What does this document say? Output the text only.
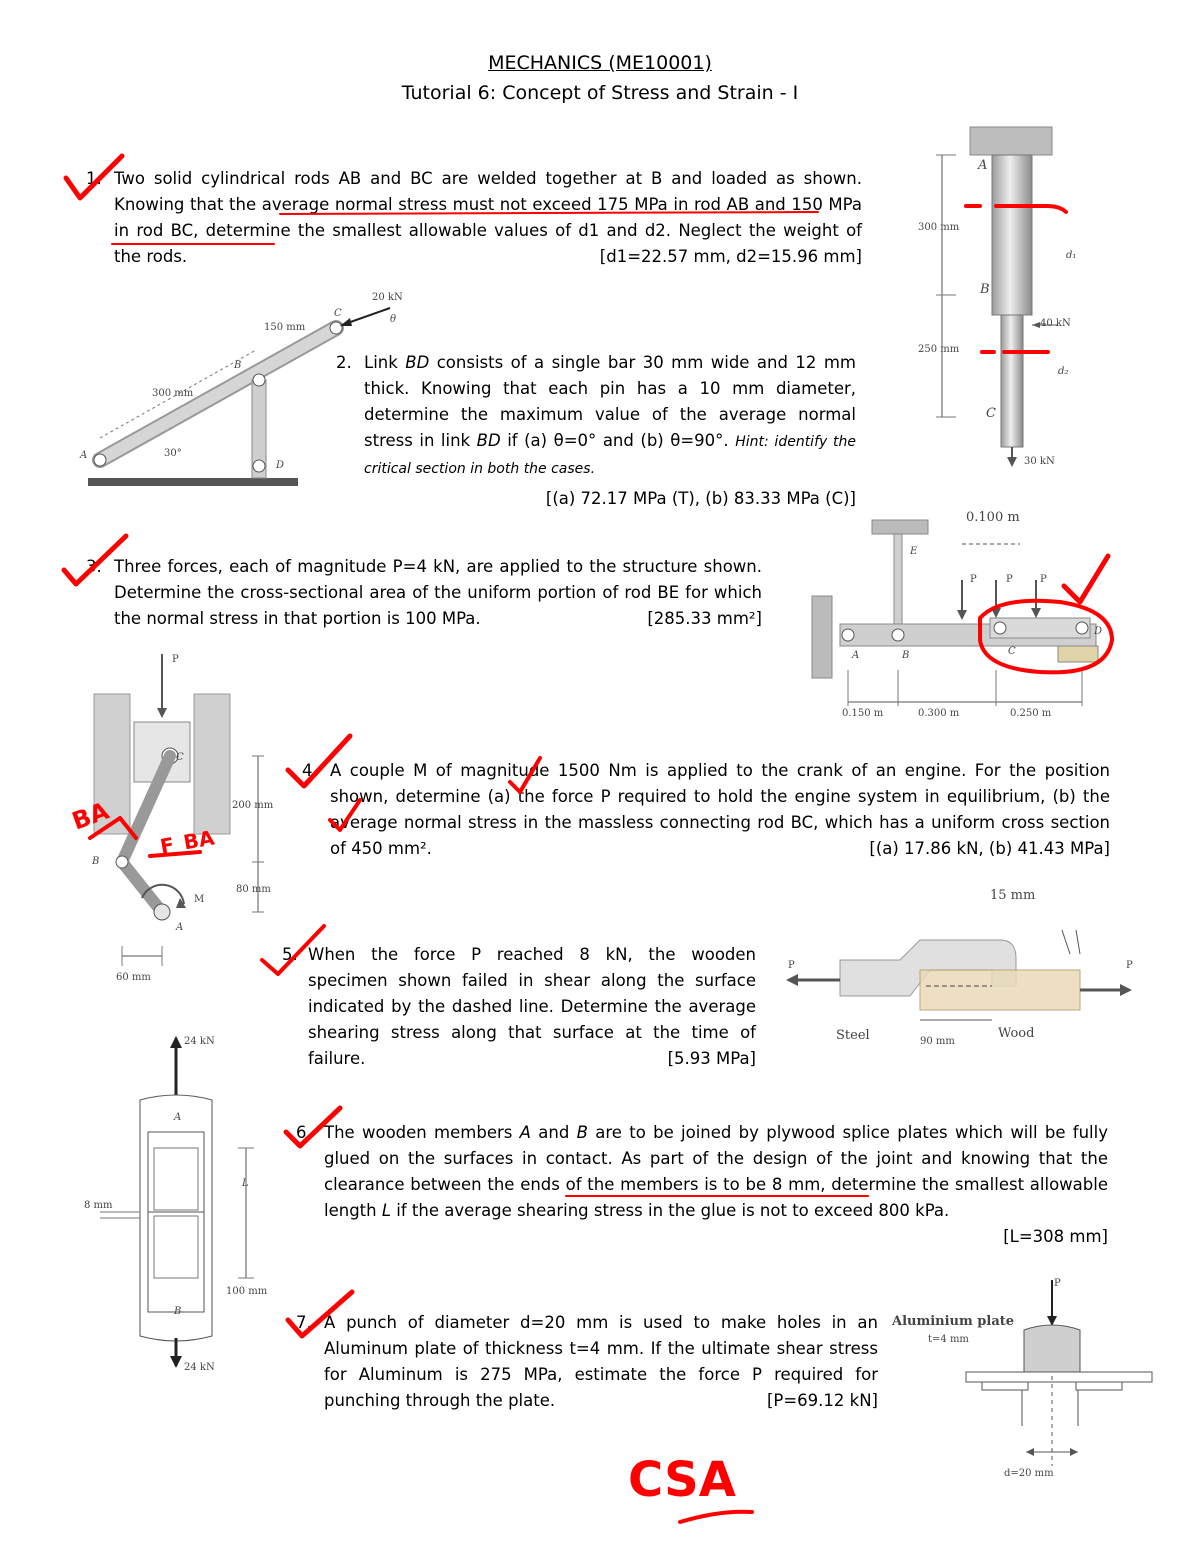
MECHANICS (ME10001)
Tutorial 6: Concept of Stress and Strain - I
1. Two solid cylindrical rods AB and BC are welded together at B and loaded as shown. Knowing that the average normal stress must not exceed 175 MPa in rod AB and 150 MPa in rod BC, determine the smallest allowable values of d1 and d2. Neglect the weight of the rods.	[d1=22.57 mm, d2=15.96 mm]
2. Link BD consists of a single bar 30 mm wide and 12 mm thick. Knowing that each pin has a 10 mm diameter, determine the maximum value of the average normal stress in link BD if (a) θ=0° and (b) θ=90°. Hint: identify the critical section in both the cases.

[(a) 72.17 MPa (T), (b) 83.33 MPa (C)]
3. Three forces, each of magnitude P=4 kN, are applied to the structure shown. Determine the cross-sectional area of the uniform portion of rod BE for which the normal stress in that portion is 100 MPa.	[285.33 mm²]
4. A couple M of magnitude 1500 Nm is applied to the crank of an engine. For the position shown, determine (a) the force P required to hold the engine system in equilibrium, (b) the average normal stress in the massless connecting rod BC, which has a uniform cross section of 450 mm².	[(a) 17.86 kN, (b) 41.43 MPa]
5. When the force P reached 8 kN, the wooden specimen shown failed in shear along the surface indicated by the dashed line. Determine the average shearing stress along that surface at the time of failure.	[5.93 MPa]
6. The wooden members A and B are to be joined by plywood splice plates which will be fully glued on the surfaces in contact. As part of the design of the joint and knowing that the clearance between the ends of the members is to be 8 mm, determine the smallest allowable length L if the average shearing stress in the glue is not to exceed 800 kPa.

[L=308 mm]
7. A punch of diameter d=20 mm is used to make holes in an Aluminum plate of thickness t=4 mm. If the ultimate shear stress for Aluminum is 275 MPa, estimate the force P required for punching through the plate.	[P=69.12 kN]
A
B
C
300 mm
250 mm
40 kN
30 kN
d₁
d₂
A
B
C
D
300 mm
150 mm
20 kN
30°
θ
0.100 m
A	B	C
D
E
P	P	P
0.150 m	0.300 m	0.250 m
P
C
B
A
M
200 mm
80 mm
60 mm
P	P
Steel	Wood
90 mm
15 mm
24 kN
24 kN
A
B
L
8 mm
100 mm
P
Aluminium plate
t=4 mm
d=20 mm
BA
F_BA
CSA
